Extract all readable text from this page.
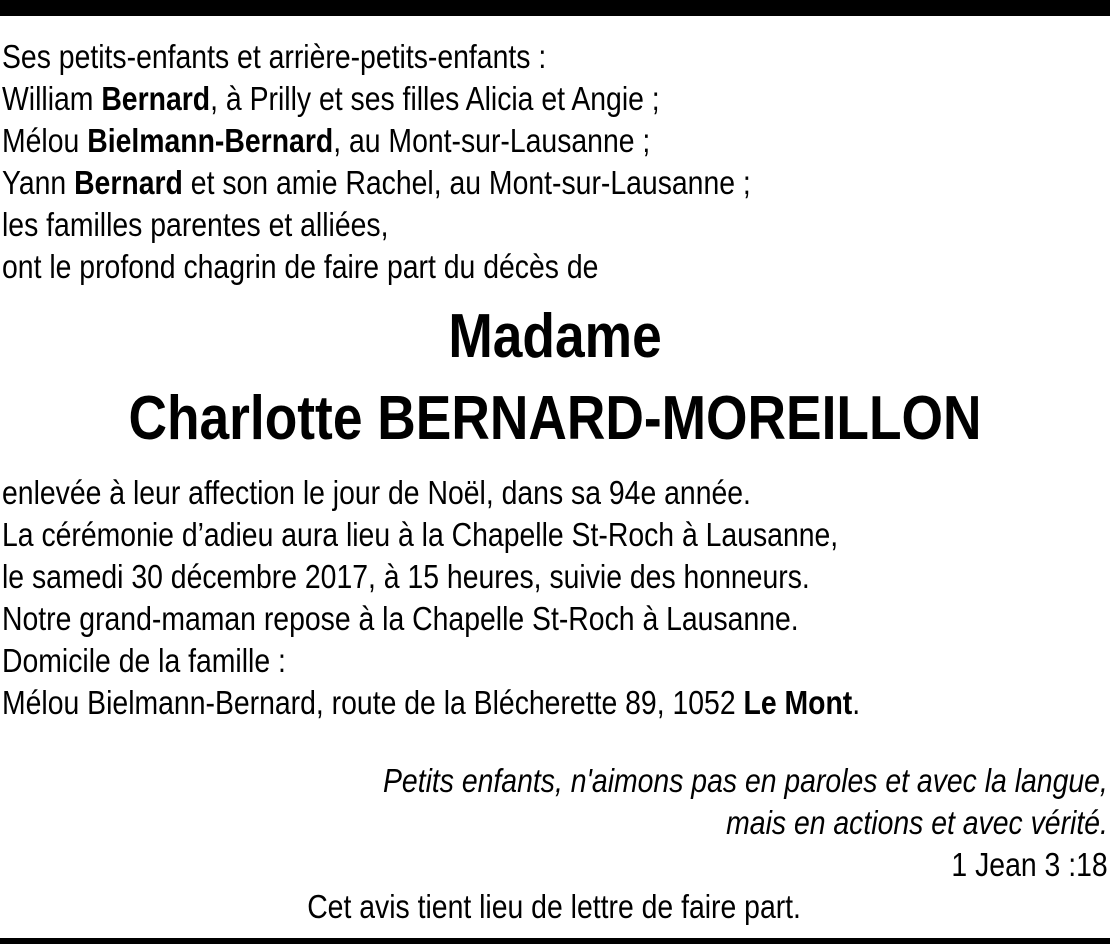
Ses petits-enfants et arrière-petits-enfants :
William Bernard, à Prilly et ses filles Alicia et Angie ;
Mélou Bielmann-Bernard, au Mont-sur-Lausanne ;
Yann Bernard et son amie Rachel, au Mont-sur-Lausanne ;
les familles parentes et alliées,
ont le profond chagrin de faire part du décès de
Madame
Charlotte BERNARD-MOREILLON
enlevée à leur affection le jour de Noël, dans sa 94e année.
La cérémonie d’adieu aura lieu à la Chapelle St-Roch à Lausanne,
le samedi 30 décembre 2017, à 15 heures, suivie des honneurs.
Notre grand-maman repose à la Chapelle St-Roch à Lausanne.
Domicile de la famille :
Mélou Bielmann-Bernard, route de la Blécherette 89, 1052 Le Mont.
Petits enfants, n'aimons pas en paroles et avec la langue,
mais en actions et avec vérité.
1 Jean 3 :18
Cet avis tient lieu de lettre de faire part.
